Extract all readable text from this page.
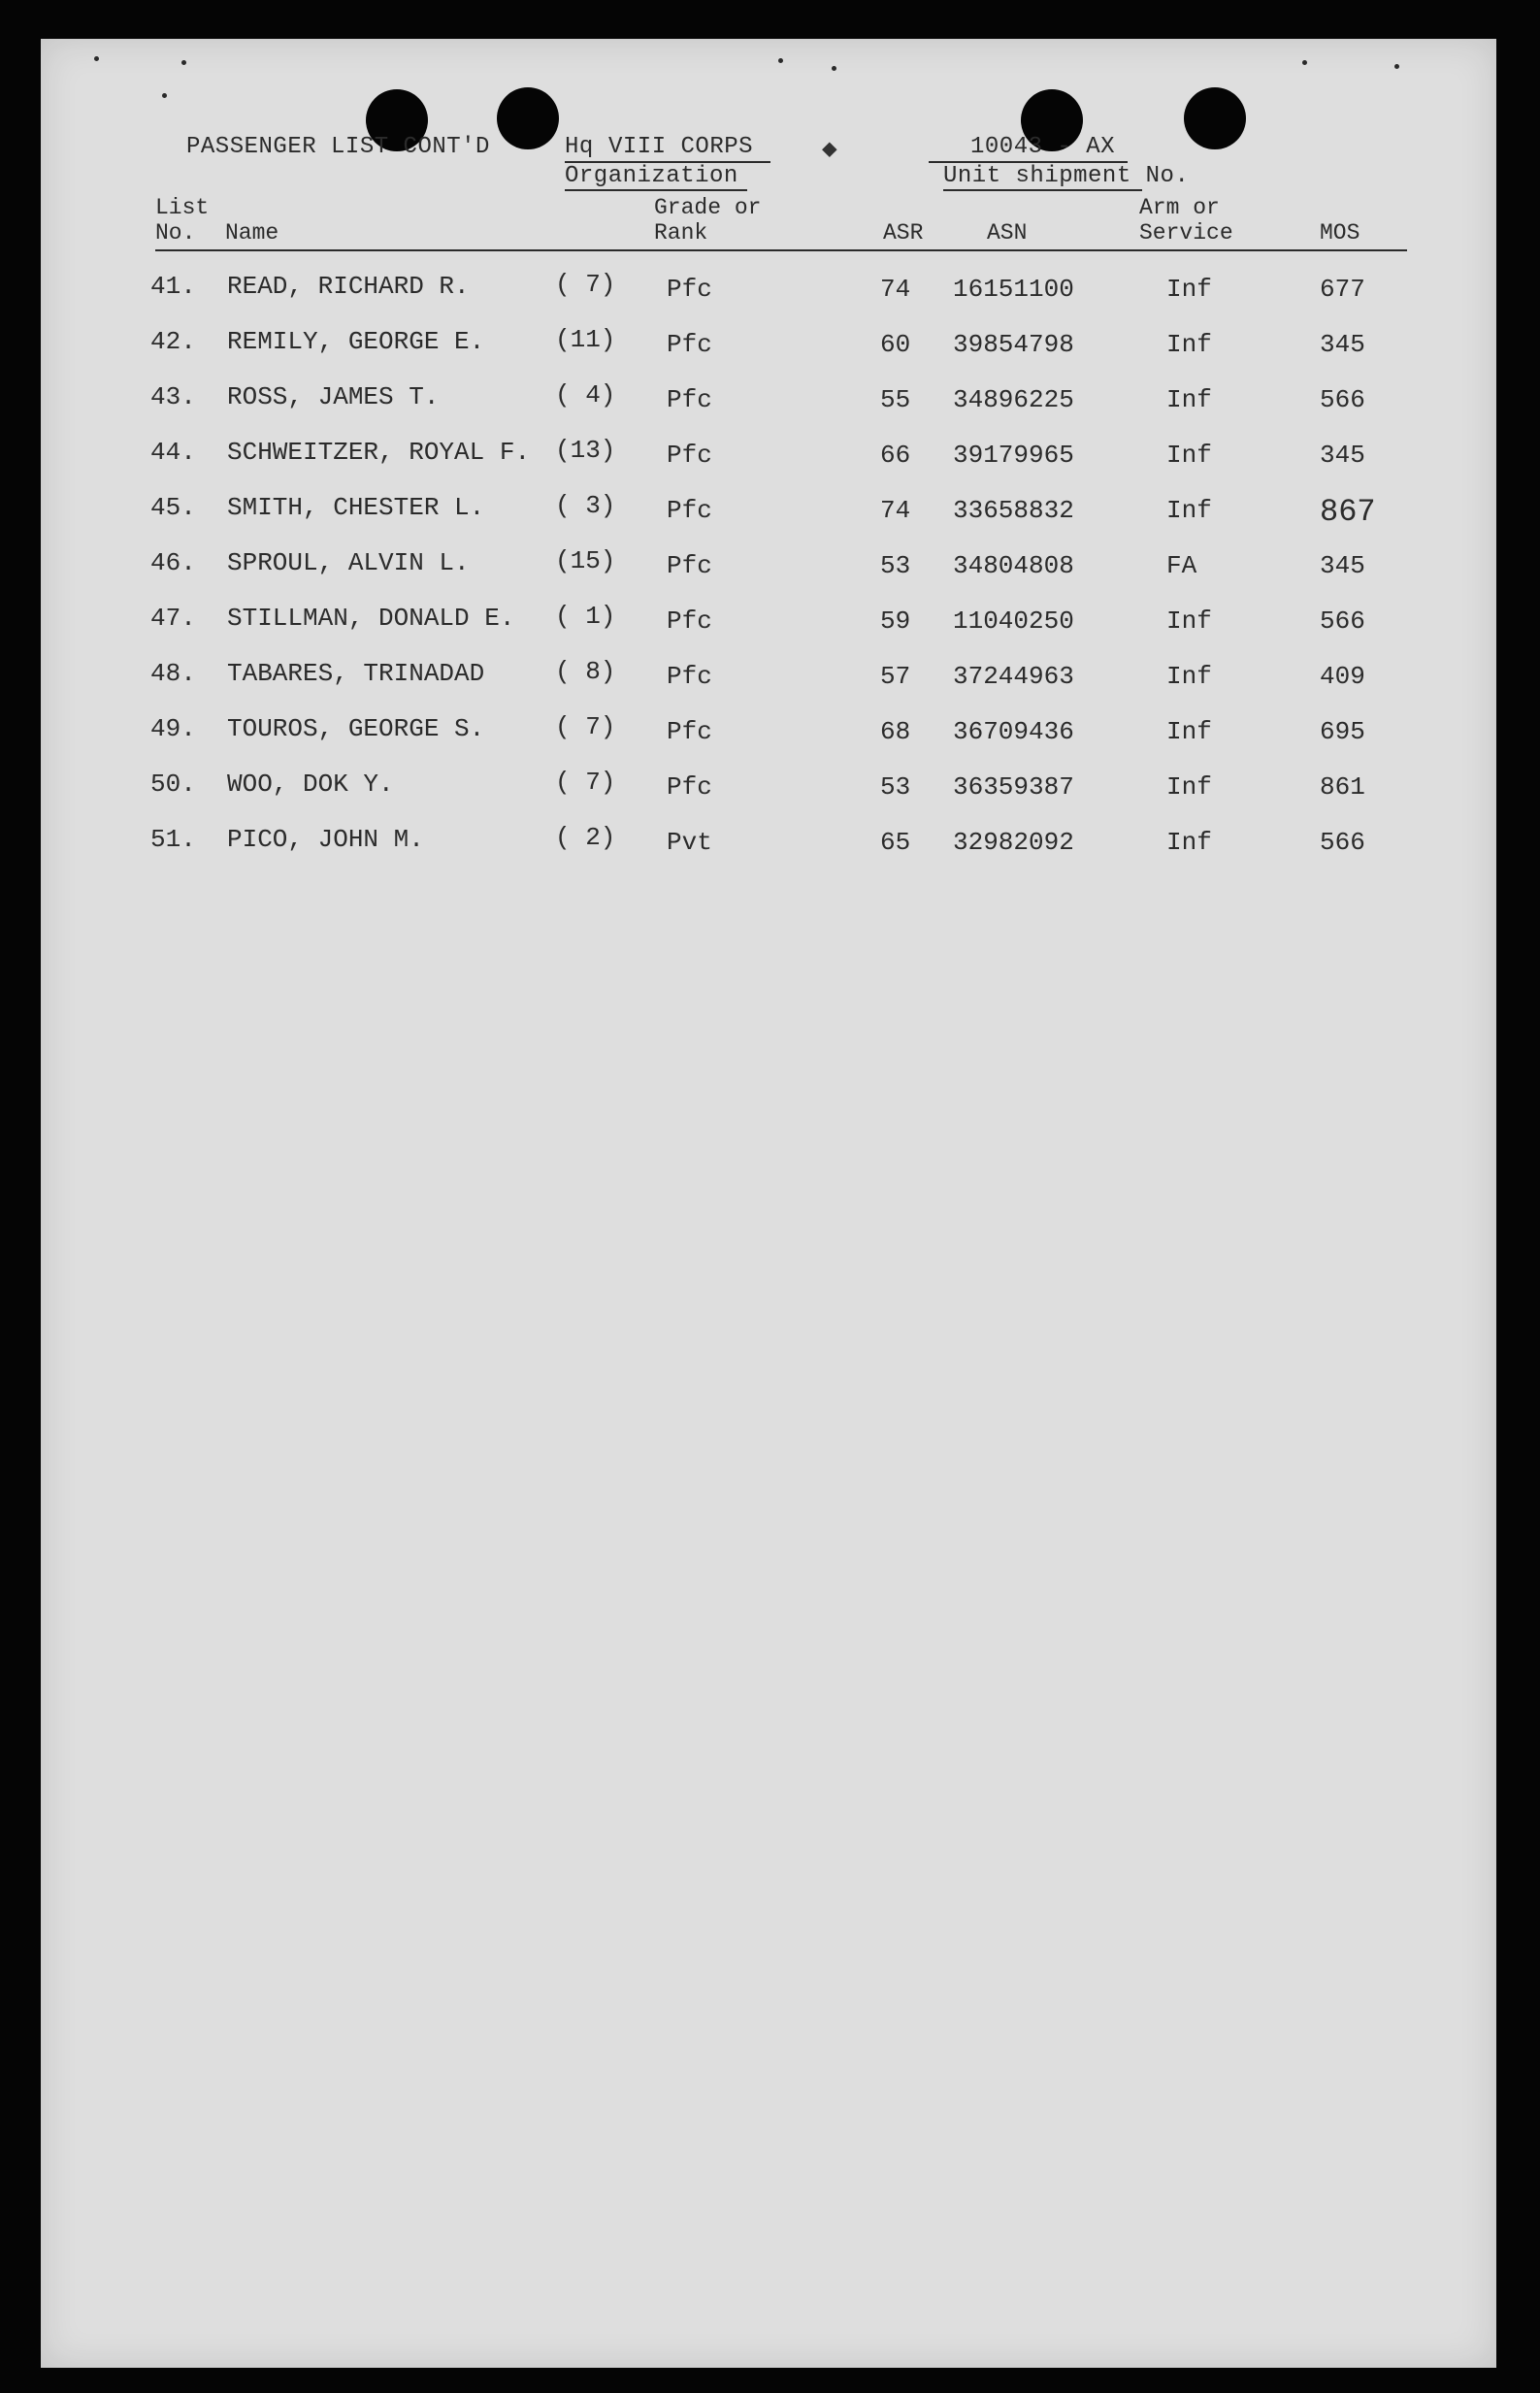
PASSENGER LIST CONT'D	Hq VIII CORPS
Organization
◆	10043 - AX
Unit shipment No.
List
No. Name
Grade or
Rank	ASR	ASN
Arm or
Service	MOS
41. READ, RICHARD R.	( 7) Pfc	74 16151100	Inf	677
42. REMILY, GEORGE E.	(11) Pfc	60 39854798	Inf	345
43. ROSS, JAMES T.	( 4) Pfc	55 34896225	Inf	566
44. SCHWEITZER, ROYAL F. (13) Pfc	66 39179965	Inf	345
45. SMITH, CHESTER L.	( 3) Pfc	74 33658832	Inf	867
46. SPROUL, ALVIN L.	(15) Pfc	53 34804808	FA	345
47. STILLMAN, DONALD E. ( 1) Pfc	59 11040250	Inf	566
48. TABARES, TRINADAD	( 8) Pfc	57 37244963	Inf	409
49. TOUROS, GEORGE S.	( 7) Pfc	68 36709436	Inf	695
50. WOO, DOK Y.	( 7) Pfc	53 36359387	Inf	861
51. PICO, JOHN M.	( 2) Pvt	65 32982092	Inf	566
